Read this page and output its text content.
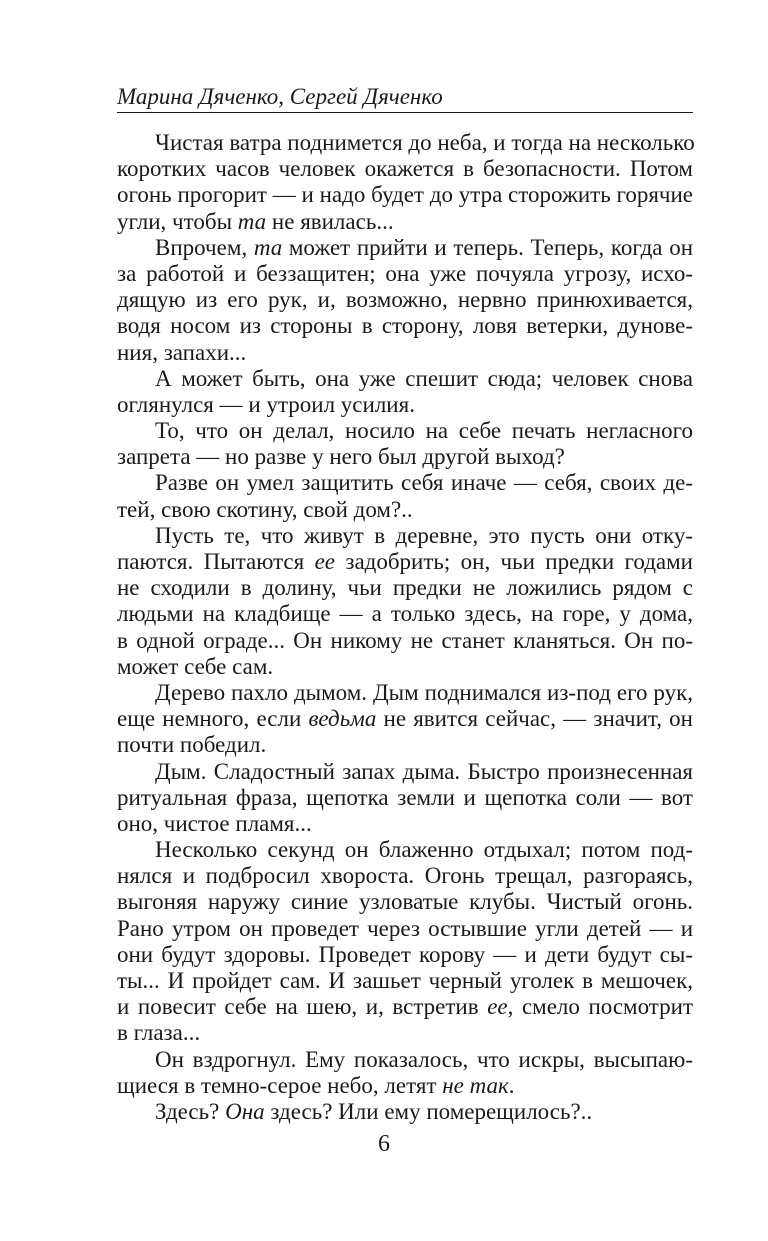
Марина Дяченко, Сергей Дяченко
Чистая ватра поднимется до неба, и тогда на несколько
коротких часов человек окажется в безопасности. Потом
огонь прогорит — и надо будет до утра сторожить горячие
угли, чтобы та не явилась...
Впрочем, та может прийти и теперь. Теперь, когда он
за работой и беззащитен; она уже почуяла угрозу, исхо-
дящую из его рук, и, возможно, нервно принюхивается,
водя носом из стороны в сторону, ловя ветерки, дунове-
ния, запахи...
А может быть, она уже спешит сюда; человек снова
оглянулся — и утроил усилия.
То, что он делал, носило на себе печать негласного
запрета — но разве у него был другой выход?
Разве он умел защитить себя иначе — себя, своих де-
тей, свою скотину, свой дом?..
Пусть те, что живут в деревне, это пусть они отку-
паются. Пытаются ее задобрить; он, чьи предки годами
не сходили в долину, чьи предки не ложились рядом с
людьми на кладбище — а только здесь, на горе, у дома,
в одной ограде... Он никому не станет кланяться. Он по-
может себе сам.
Дерево пахло дымом. Дым поднимался из-под его рук,
еще немного, если ведьма не явится сейчас, — значит, он
почти победил.
Дым. Сладостный запах дыма. Быстро произнесенная
ритуальная фраза, щепотка земли и щепотка соли — вот
оно, чистое пламя...
Несколько секунд он блаженно отдыхал; потом под-
нялся и подбросил хвороста. Огонь трещал, разгораясь,
выгоняя наружу синие узловатые клубы. Чистый огонь.
Рано утром он проведет через остывшие угли детей — и
они будут здоровы. Проведет корову — и дети будут сы-
ты... И пройдет сам. И зашьет черный уголек в мешочек,
и повесит себе на шею, и, встретив ее, смело посмотрит
в глаза...
Он вздрогнул. Ему показалось, что искры, высыпаю-
щиеся в темно-серое небо, летят не так.
Здесь? Она здесь? Или ему померещилось?..
6
